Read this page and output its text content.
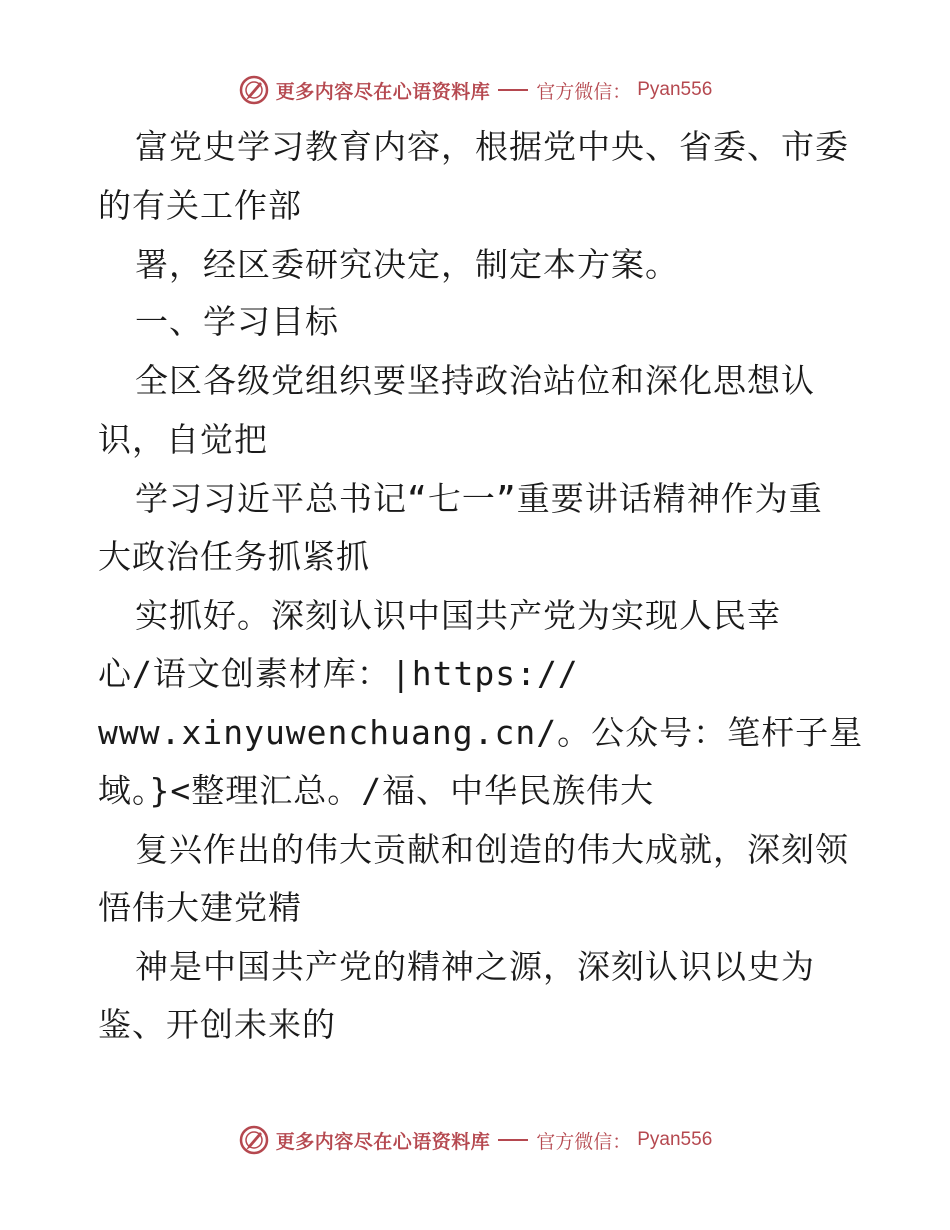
更多内容尽在心语资料库 官方微信： Pyan556
富党史学习教育内容，根据党中央、省委、市委
的有关工作部
署，经区委研究决定，制定本方案。
一、学习目标
全区各级党组织要坚持政治站位和深化思想认
识，自觉把
学习习近平总书记“七一”重要讲话精神作为重
大政治任务抓紧抓
实抓好。深刻认识中国共产党为实现人民幸
心/语文创素材库：|https://
www.xinyuwenchuang.cn/。公众号：笔杆子星
域。}<整理汇总。/福、中华民族伟大
复兴作出的伟大贡献和创造的伟大成就，深刻领
悟伟大建党精
神是中国共产党的精神之源，深刻认识以史为
鉴、开创未来的
更多内容尽在心语资料库 官方微信： Pyan556
